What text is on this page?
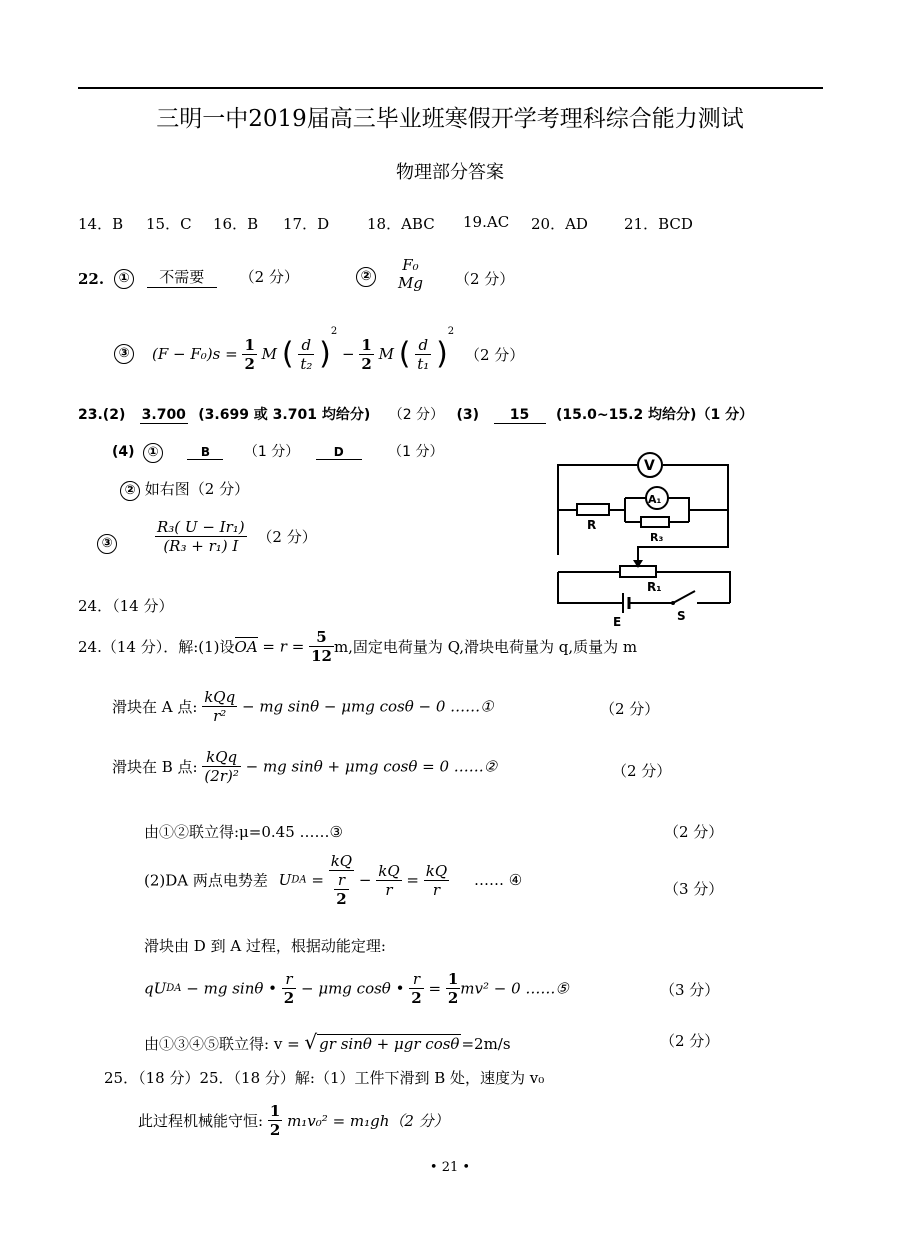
三明一中2019届高三毕业班寒假开学考理科综合能力测试
物理部分答案
14．B 15．C 16．B 17．D	18．ABC 19.AC 20．AD 21．BCD
22.	① 不需要 （2 分）	②
F₀
Mg （2 分）
③	$(F - F_0)s = \frac{1}{2}$ M ( $\frac{d}{\text{t₂}} )^2 - \frac{1}{2}$ M ( $\frac{d}{\text{t₁}} )^2$ （2 分）
23.(2) 3.700 (3.699 或 3.701 均给分) （2 分） (3) 15 (15.0~15.2 均给分)（1 分）
(4) ①	B （1 分）	D	（1 分）
② 如右图（2 分）
③	$\frac{\text{R₃( U − Ir₁)}}{\text{(R₃ + r₁) I}} (2$ 分）
V
A₁
R
R₃
R₁
E	S
24．（14 分）
24.（14 分）．解:(1)设OA = $r = \frac{5}{12} m$,固定电荷量为 Q,滑块电荷量为 q,质量为 m
滑块在 A 点: $\frac{\text{kQq}}{\text{r²}}$ − mg sinθ − μmg cosθ − 0 ……①	（2 分）
滑块在 B 点: $\frac{\text{kQq}}{\text{(2r)²}}$ − mg sinθ + μmg cosθ = 0 ……②	（2 分）
由①②联立得:μ=0.45 ……③	（2 分）
(2)DA 两点电势差 UDA = $\frac{kQ}{\frac{r}{2}} - \frac{kQ}{r} = \frac{kQ}{r}$ …… ④	（3 分）
滑块由 D 到 A 过程，根据动能定理:
qUDA − mg sinθ • $\frac{r}{2} - \mu mg$ cosθ • $\frac{r}{2} = \frac{1}{2} mv^2 - 0$ ……⑤	（3 分）
由①③④⑤联立得: v = √ gr sinθ + μgr cosθ =2m/s	（2 分）
25．（18 分）25．（18 分）解:（1）工件下滑到 B 处，速度为 v₀
此过程机械能守恒: $\frac{1}{2} m_1v_0^2 = m_1gh(2$ 分）
• 21 •
